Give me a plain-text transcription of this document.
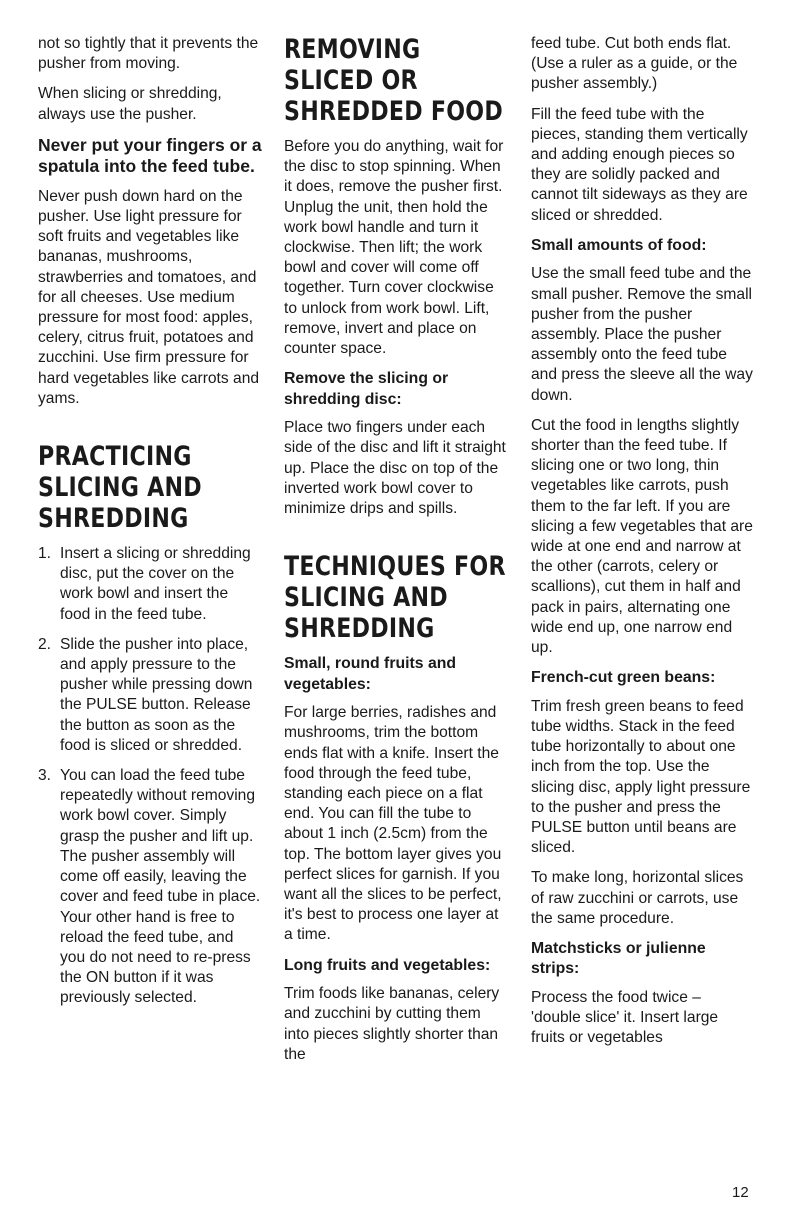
not so tightly that it prevents the pusher from moving.

When slicing or shredding, always use the pusher.

Never put your fingers or a spatula into the feed tube.

Never push down hard on the pusher. Use light pressure for soft fruits and vegetables like bananas, mushrooms, strawberries and tomatoes, and for all cheeses. Use medium pressure for most food: apples, celery, citrus fruit, potatoes and zucchini. Use firm pressure for hard vegetables like carrots and yams.

PRACTICING SLICING AND SHREDDING
1. Insert a slicing or shredding disc, put the cover on the work bowl and insert the food in the feed tube.
2. Slide the pusher into place, and apply pressure to the pusher while pressing down the PULSE button. Release the button as soon as the food is sliced or shredded.
3. You can load the feed tube repeatedly without removing work bowl cover. Simply grasp the pusher and lift up. The pusher assembly will come off easily, leaving the cover and feed tube in place. Your other hand is free to reload the feed tube, and you do not need to re-press the ON button if it was previously selected.
REMOVING SLICED OR SHREDDED FOOD

Before you do anything, wait for the disc to stop spinning. When it does, remove the pusher first. Unplug the unit, then hold the work bowl handle and turn it clockwise. Then lift; the work bowl and cover will come off together. Turn cover clockwise to unlock from work bowl. Lift, remove, invert and place on counter space.

Remove the slicing or shredding disc:

Place two fingers under each side of the disc and lift it straight up. Place the disc on top of the inverted work bowl cover to minimize drips and spills.

TECHNIQUES FOR SLICING AND SHREDDING

Small, round fruits and vegetables:

For large berries, radishes and mushrooms, trim the bottom ends flat with a knife. Insert the food through the feed tube, standing each piece on a flat end. You can fill the tube to about 1 inch (2.5cm) from the top. The bottom layer gives you perfect slices for garnish. If you want all the slices to be perfect, it's best to process one layer at a time.

Long fruits and vegetables:

Trim foods like bananas, celery and zucchini by cutting them into pieces slightly shorter than the

feed tube. Cut both ends flat. (Use a ruler as a guide, or the pusher assembly.)

Fill the feed tube with the pieces, standing them vertically and adding enough pieces so they are solidly packed and cannot tilt sideways as they are sliced or shredded.

Small amounts of food:

Use the small feed tube and the small pusher. Remove the small pusher from the pusher assembly. Place the pusher assembly onto the feed tube and press the sleeve all the way down.

Cut the food in lengths slightly shorter than the feed tube. If slicing one or two long, thin vegetables like carrots, push them to the far left. If you are slicing a few vegetables that are wide at one end and narrow at the other (carrots, celery or scallions), cut them in half and pack in pairs, alternating one wide end up, one narrow end up.

French-cut green beans:

Trim fresh green beans to feed tube widths. Stack in the feed tube horizontally to about one inch from the top. Use the slicing disc, apply light pressure to the pusher and press the PULSE button until beans are sliced.

To make long, horizontal slices of raw zucchini or carrots, use the same procedure.

Matchsticks or julienne strips:

Process the food twice – 'double slice' it. Insert large fruits or vegetables

12
